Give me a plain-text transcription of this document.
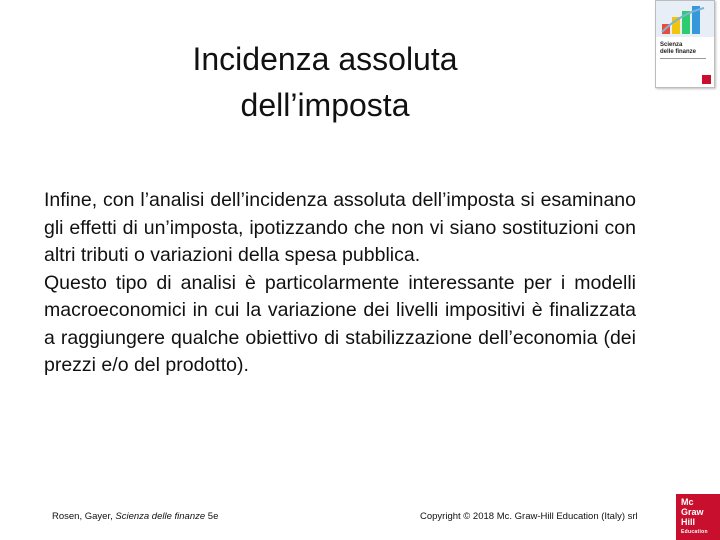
Incidenza assoluta
dell’imposta
Scienza
delle finanze

Infine, con l’analisi dell’incidenza assoluta dell’imposta si esaminano gli effetti di un’imposta, ipotizzando che non vi siano sostituzioni con altri tributi o variazioni della spesa pubblica.

Questo tipo di analisi è particolarmente interessante per i modelli macroeconomici in cui la variazione dei livelli impositivi è finalizzata a raggiungere qualche obiettivo di stabilizzazione dell’economia (dei prezzi e/o del prodotto).

Rosen, Gayer, Scienza delle finanze 5e	Copyright © 2018 Mc. Graw-Hill Education (Italy) srl
Mc
Graw
Hill
Education
